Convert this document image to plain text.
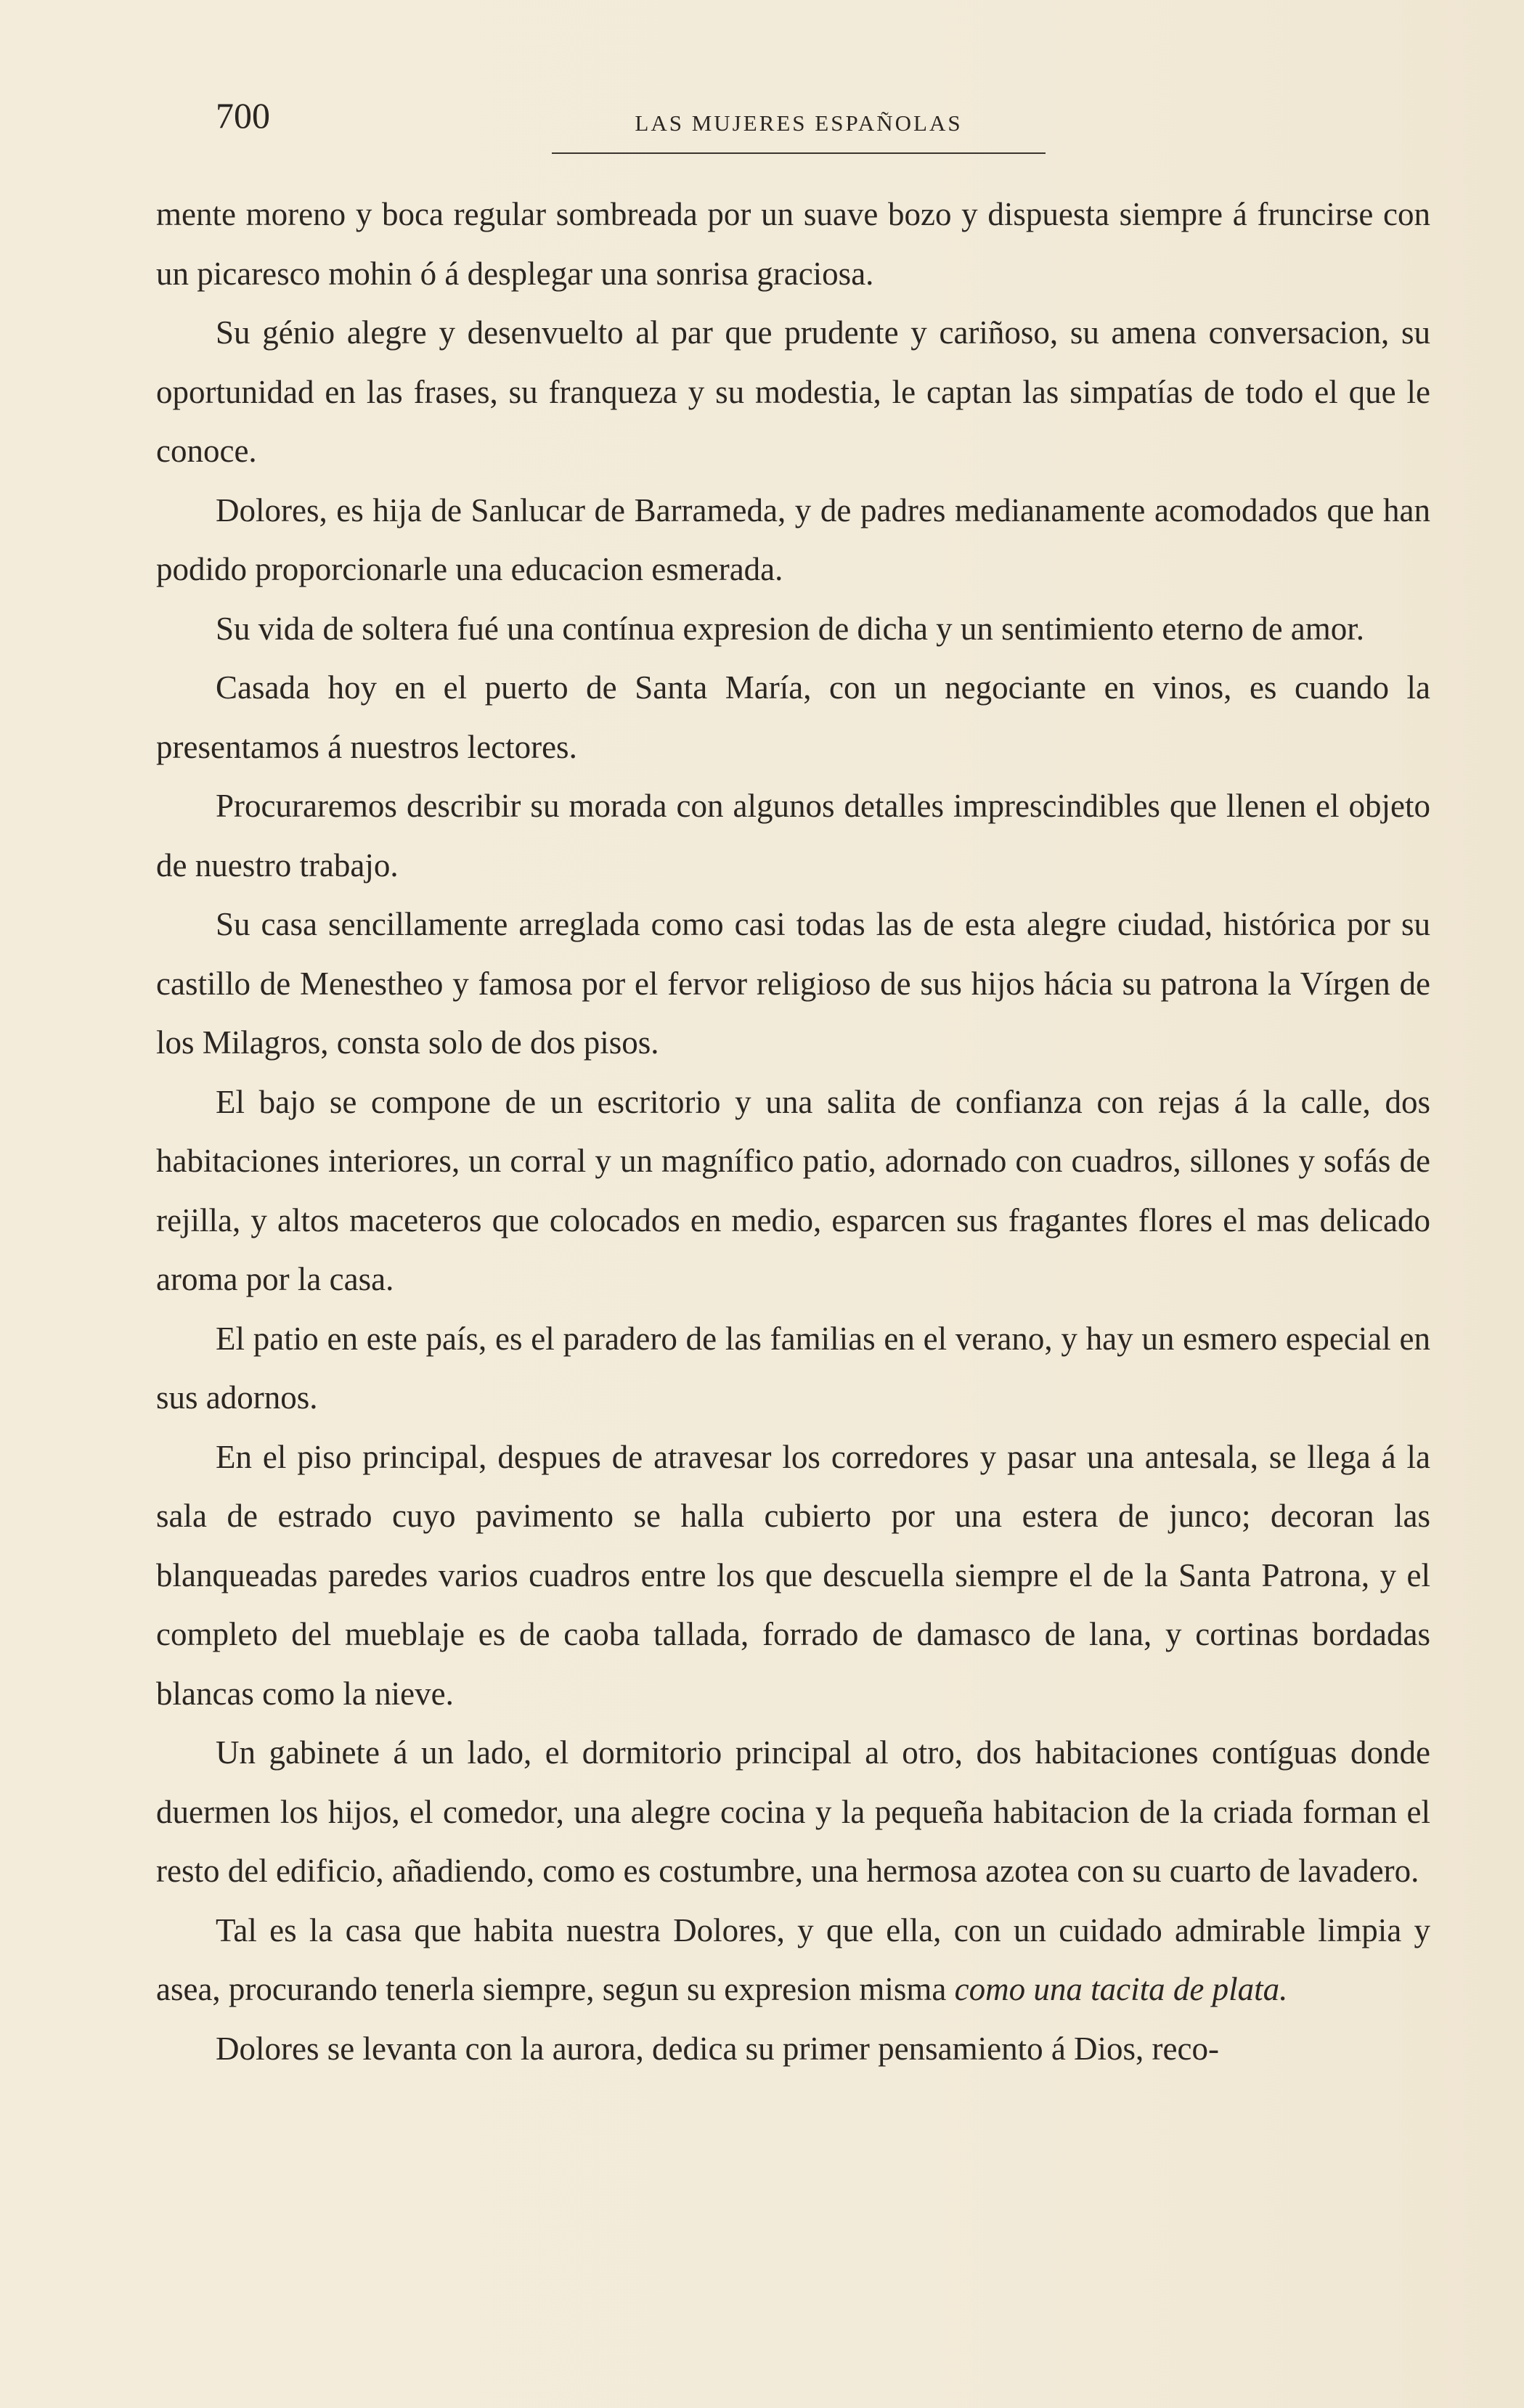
700	LAS MUJERES ESPAÑOLAS

mente moreno y boca regular sombreada por un suave bozo y dispuesta siempre á fruncirse con un picaresco mohin ó á desplegar una sonrisa graciosa.

Su génio alegre y desenvuelto al par que prudente y cariñoso, su amena conversacion, su oportunidad en las frases, su franqueza y su modestia, le captan las simpatías de todo el que le conoce.

Dolores, es hija de Sanlucar de Barrameda, y de padres medianamente acomodados que han podido proporcionarle una educacion esmerada.

Su vida de soltera fué una contínua expresion de dicha y un sentimiento eterno de amor.

Casada hoy en el puerto de Santa María, con un negociante en vinos, es cuando la presentamos á nuestros lectores.

Procuraremos describir su morada con algunos detalles imprescindibles que llenen el objeto de nuestro trabajo.

Su casa sencillamente arreglada como casi todas las de esta alegre ciudad, histórica por su castillo de Menestheo y famosa por el fervor religioso de sus hijos hácia su patrona la Vírgen de los Milagros, consta solo de dos pisos.

El bajo se compone de un escritorio y una salita de confianza con rejas á la calle, dos habitaciones interiores, un corral y un magnífico patio, adornado con cuadros, sillones y sofás de rejilla, y altos maceteros que colocados en medio, esparcen sus fragantes flores el mas delicado aroma por la casa.

El patio en este país, es el paradero de las familias en el verano, y hay un esmero especial en sus adornos.

En el piso principal, despues de atravesar los corredores y pasar una antesala, se llega á la sala de estrado cuyo pavimento se halla cubierto por una estera de junco; decoran las blanqueadas paredes varios cuadros entre los que descuella siempre el de la Santa Patrona, y el completo del mueblaje es de caoba tallada, forrado de damasco de lana, y cortinas bordadas blancas como la nieve.

Un gabinete á un lado, el dormitorio principal al otro, dos habitaciones contíguas donde duermen los hijos, el comedor, una alegre cocina y la pequeña habitacion de la criada forman el resto del edificio, añadiendo, como es costumbre, una hermosa azotea con su cuarto de lavadero.

Tal es la casa que habita nuestra Dolores, y que ella, con un cuidado admirable limpia y asea, procurando tenerla siempre, segun su expresion misma como una tacita de plata.

Dolores se levanta con la aurora, dedica su primer pensamiento á Dios, reco-
